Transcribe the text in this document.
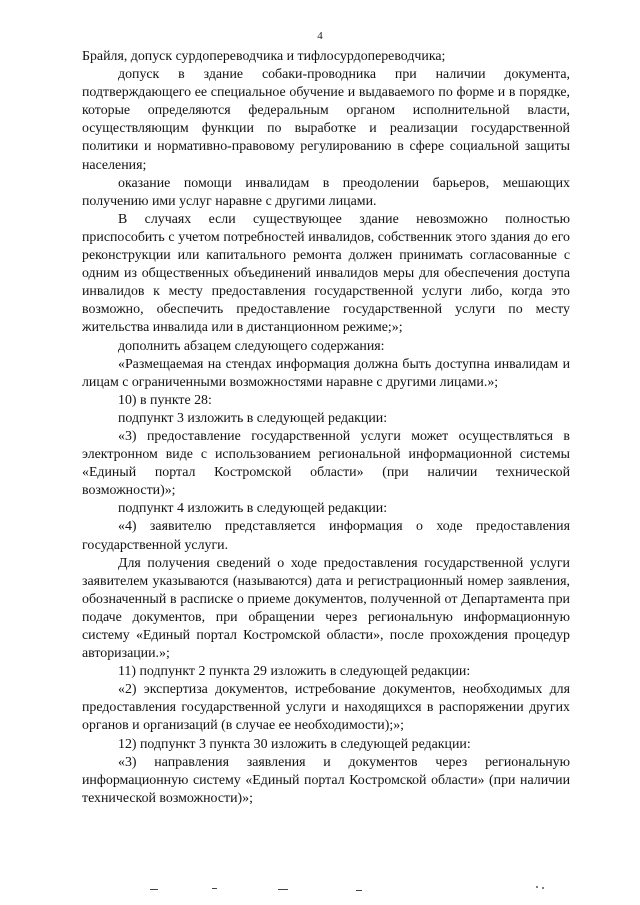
4

Брайля, допуск сурдопереводчика и тифлосурдопереводчика;

допуск в здание собаки-проводника при наличии документа, подтверждающего ее специальное обучение и выдаваемого по форме и в порядке, которые определяются федеральным органом исполнительной власти, осуществляющим функции по выработке и реализации государственной политики и нормативно-правовому регулированию в сфере социальной защиты населения;

оказание помощи инвалидам в преодолении барьеров, мешающих получению ими услуг наравне с другими лицами.

В случаях если существующее здание невозможно полностью приспособить с учетом потребностей инвалидов, собственник этого здания до его реконструкции или капитального ремонта должен принимать согласованные с одним из общественных объединений инвалидов меры для обеспечения доступа инвалидов к месту предоставления государственной услуги либо, когда это возможно, обеспечить предоставление государственной услуги по месту жительства инвалида или в дистанционном режиме;»;

дополнить абзацем следующего содержания:

«Размещаемая на стендах информация должна быть доступна инвалидам и лицам с ограниченными возможностями наравне с другими лицами.»;

10) в пункте 28:

подпункт 3 изложить в следующей редакции:

«3) предоставление государственной услуги может осуществляться в электронном виде с использованием региональной информационной системы «Единый портал Костромской области» (при наличии технической возможности)»;

подпункт 4 изложить в следующей редакции:

«4) заявителю представляется информация о ходе предоставления государственной услуги.

Для получения сведений о ходе предоставления государственной услуги заявителем указываются (называются) дата и регистрационный номер заявления, обозначенный в расписке о приеме документов, полученной от Департамента при подаче документов, при обращении через региональную информационную систему «Единый портал Костромской области», после прохождения процедур авторизации.»;

11) подпункт 2 пункта 29 изложить в следующей редакции:

«2) экспертиза документов, истребование документов, необходимых для предоставления государственной услуги и находящихся в распоряжении других органов и организаций (в случае ее необходимости);»;

12) подпункт 3 пункта 30 изложить в следующей редакции:

«3) направления заявления и документов через региональную информационную систему «Единый портал Костромской области» (при наличии технической возможности)»;
